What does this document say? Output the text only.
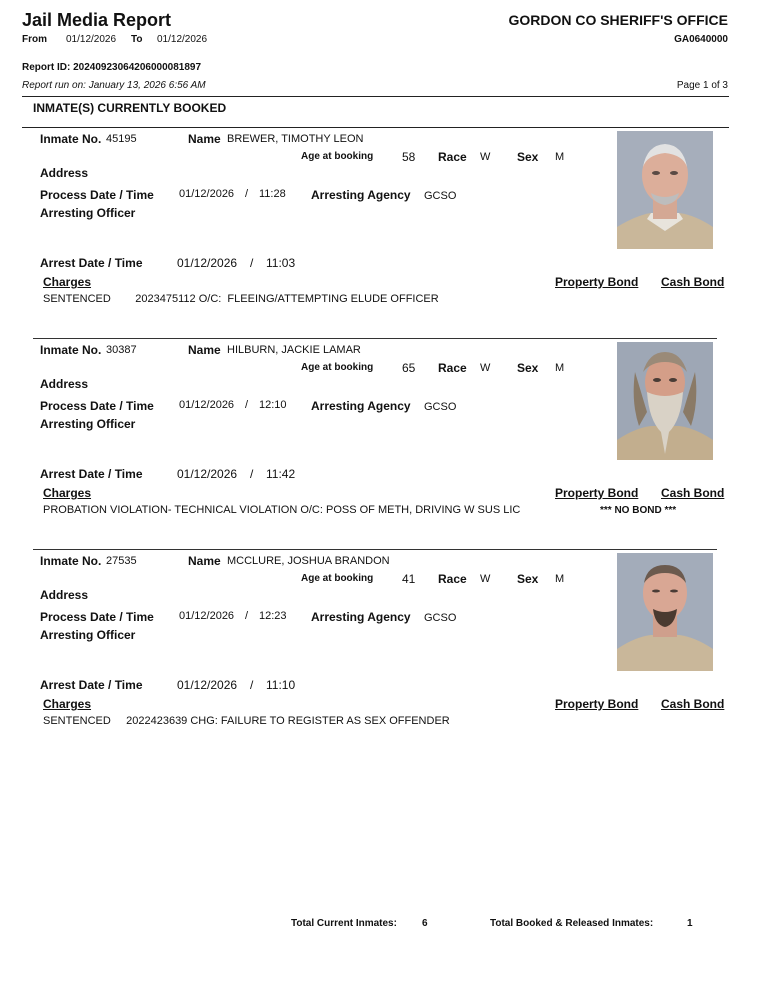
Jail Media Report	GORDON CO SHERIFF'S OFFICE
From 01/12/2026 To 01/12/2026	GA0640000
Report ID: 20240923064206000081897
Report run on: January 13, 2026 6:56 AM	Page 1 of 3
INMATE(S) CURRENTLY BOOKED
Inmate No. 45195	Name BREWER, TIMOTHY LEON
Age at booking 58 Race W Sex M
Address
Process Date / Time 01/12/2026 / 11:28 Arresting Agency GCSO
Arresting Officer
Arrest Date / Time	01/12/2026 / 11:03
Charges	Property Bond Cash Bond
SENTENCED        2023475112 O/C:  FLEEING/ATTEMPTING ELUDE OFFICER
Inmate No. 30387	Name HILBURN, JACKIE LAMAR
Age at booking 65 Race W Sex M
Address
Process Date / Time 01/12/2026 / 12:10 Arresting Agency GCSO
Arresting Officer
Arrest Date / Time	01/12/2026 / 11:42
Charges	Property Bond Cash Bond
PROBATION VIOLATION- TECHNICAL VIOLATION O/C: POSS OF METH, DRIVING W SUS LIC	*** NO BOND ***
Inmate No. 27535	Name MCCLURE, JOSHUA BRANDON
Age at booking 41 Race W Sex M
Address
Process Date / Time 01/12/2026 / 12:23 Arresting Agency GCSO
Arresting Officer
Arrest Date / Time	01/12/2026 / 11:10
Charges	Property Bond Cash Bond
SENTENCED     2022423639 CHG: FAILURE TO REGISTER AS SEX OFFENDER
Total Current Inmates:	6	Total Booked & Released Inmates:	1
